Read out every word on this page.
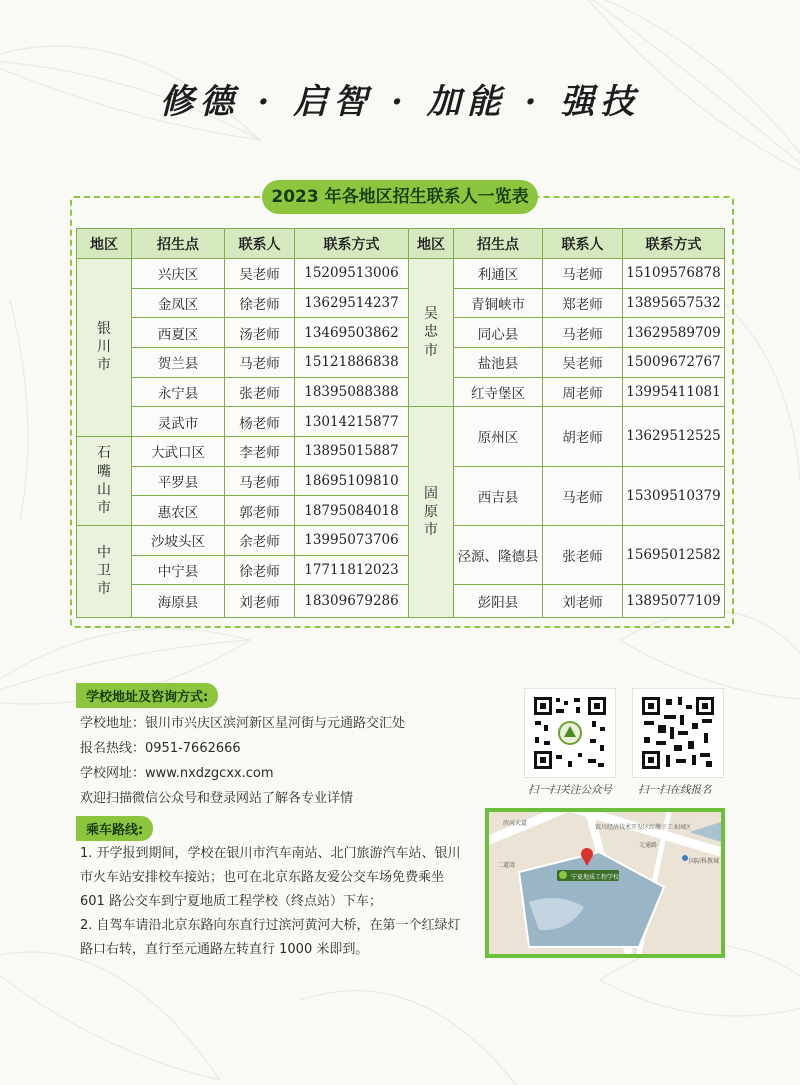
修德 · 启智 · 加能 · 强技
2023 年各地区招生联系人一览表
地区	招生点	联系人	联系方式	地区	招生点	联系人	联系方式
银川市	兴庆区	吴老师	15209513006	吴忠市	利通区	马老师	15109576878
	金凤区	徐老师	13629514237		青铜峡市	郑老师	13895657532
	西夏区	汤老师	13469503862		同心县	马老师	13629589709
	贺兰县	马老师	15121886838		盐池县	吴老师	15009672767
	永宁县	张老师	18395088388		红寺堡区	周老师	13995411081
	灵武市	杨老师	13014215877	固原市	原州区	胡老师	13629512525
石嘴山市	大武口区	李老师	13895015887				
	平罗县	马老师	18695109810		西吉县	马老师	15309510379
	惠农区	郭老师	18795084018				
中卫市	沙坡头区	余老师	13995073706		泾源、隆德县	张老师	15695012582
	中宁县	徐老师	17711812023				
	海原县	刘老师	18309679286		彭阳县	刘老师	13895077109
学校地址及咨询方式:
学校地址：银川市兴庆区滨河新区星河街与元通路交汇处
报名热线：0951-7662666
学校网址：www.nxdzgcxx.com
欢迎扫描微信公众号和登录网站了解各专业详情
扫一扫关注公众号 扫一扫在线报名
乘车路线:

1. 开学报到期间，学校在银川市汽车南站、北门旅游汽车站、银川市火车站安排校车接站；也可在北京东路友爱公交车场免费乘坐 601 路公交车到宁夏地质工程学校（终点站）下车；

2. 自驾车请沿北京东路向东直行过滨河黄河大桥，在第一个红绿灯路口右转，直行至元通路左转直行 1000 米即到。

银川经济技术开发区红墩子工业园区
宁夏地质工程学校
国际科教城
二道湾
滨河大道
元通路
